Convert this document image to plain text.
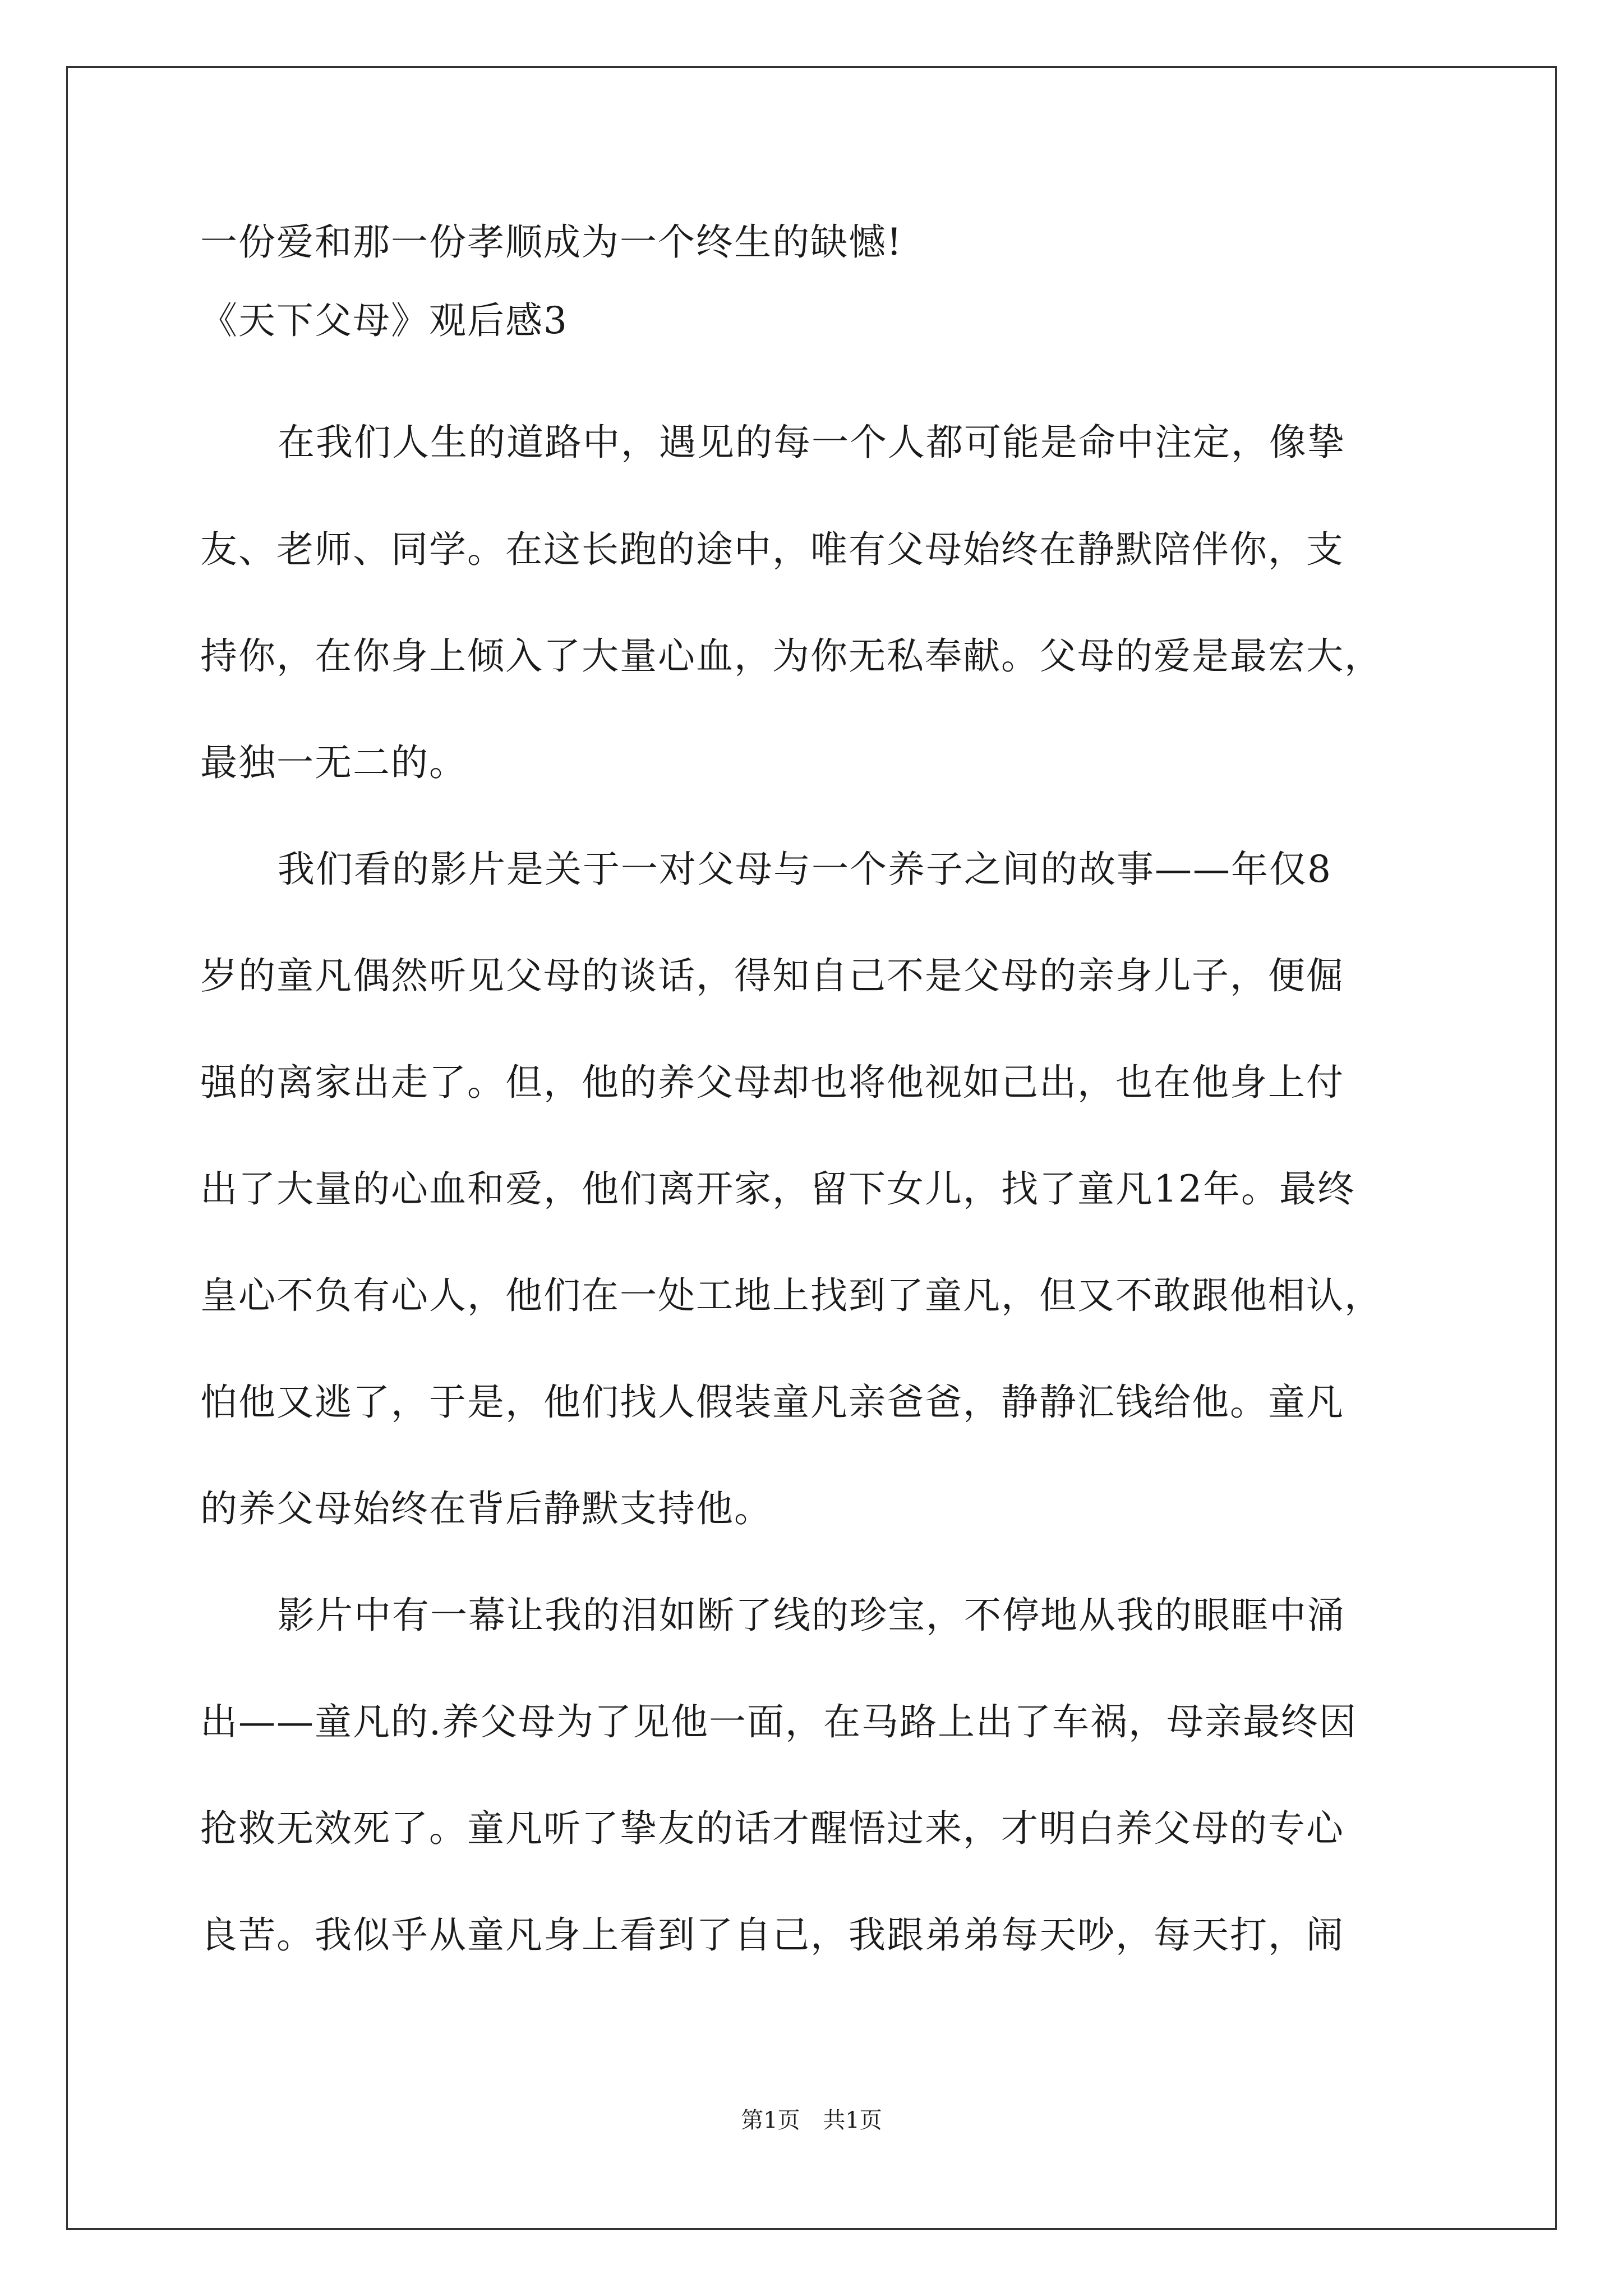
一份爱和那一份孝顺成为一个终生的缺憾!
《天下父母》观后感3
在我们人生的道路中，遇见的每一个人都可能是命中注定，像挚
友、老师、同学。在这长跑的途中，唯有父母始终在静默陪伴你，支
持你，在你身上倾入了大量心血，为你无私奉献。父母的爱是最宏大，
最独一无二的。
我们看的影片是关于一对父母与一个养子之间的故事——年仅8
岁的童凡偶然听见父母的谈话，得知自己不是父母的亲身儿子，便倔
强的离家出走了。但，他的养父母却也将他视如己出，也在他身上付
出了大量的心血和爱，他们离开家，留下女儿，找了童凡12年。最终
皇心不负有心人，他们在一处工地上找到了童凡，但又不敢跟他相认，
怕他又逃了，于是，他们找人假装童凡亲爸爸，静静汇钱给他。童凡
的养父母始终在背后静默支持他。
影片中有一幕让我的泪如断了线的珍宝，不停地从我的眼眶中涌
出——童凡的.养父母为了见他一面，在马路上出了车祸，母亲最终因
抢救无效死了。童凡听了挚友的话才醒悟过来，才明白养父母的专心
良苦。我似乎从童凡身上看到了自己，我跟弟弟每天吵，每天打，闹
第1页 共1页
